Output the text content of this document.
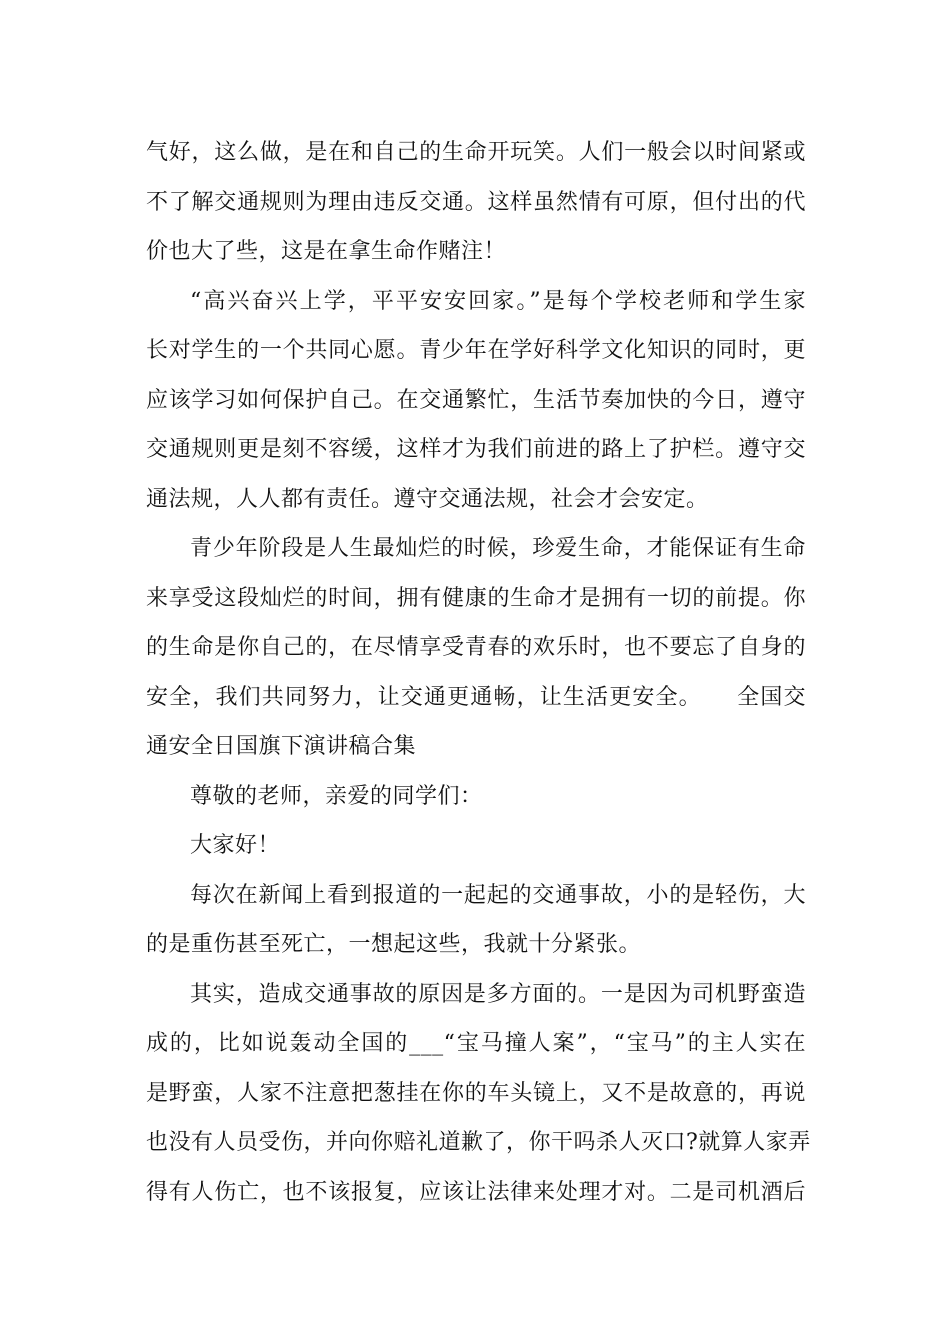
气好，这么做，是在和自己的生命开玩笑。人们一般会以时间紧或
不了解交通规则为理由违反交通。这样虽然情有可原，但付出的代
价也大了些，这是在拿生命作赌注！
“高兴奋兴上学，平平安安回家。”是每个学校老师和学生家
长对学生的一个共同心愿。青少年在学好科学文化知识的同时，更
应该学习如何保护自己。在交通繁忙，生活节奏加快的今日，遵守
交通规则更是刻不容缓，这样才为我们前进的路上了护栏。遵守交
通法规，人人都有责任。遵守交通法规，社会才会安定。
青少年阶段是人生最灿烂的时候，珍爱生命，才能保证有生命
来享受这段灿烂的时间，拥有健康的生命才是拥有一切的前提。你
的生命是你自己的，在尽情享受青春的欢乐时，也不要忘了自身的
安全，我们共同努力，让交通更通畅，让生活更安全。　　全国交
通安全日国旗下演讲稿合集
尊敬的老师，亲爱的同学们：
大家好！
每次在新闻上看到报道的一起起的交通事故，小的是轻伤，大
的是重伤甚至死亡，一想起这些，我就十分紧张。
其实，造成交通事故的原因是多方面的。一是因为司机野蛮造
成的，比如说轰动全国的___“宝马撞人案”，“宝马”的主人实在
是野蛮，人家不注意把葱挂在你的车头镜上，又不是故意的，再说
也没有人员受伤，并向你赔礼道歉了，你干吗杀人灭口?就算人家弄
得有人伤亡，也不该报复，应该让法律来处理才对。二是司机酒后
